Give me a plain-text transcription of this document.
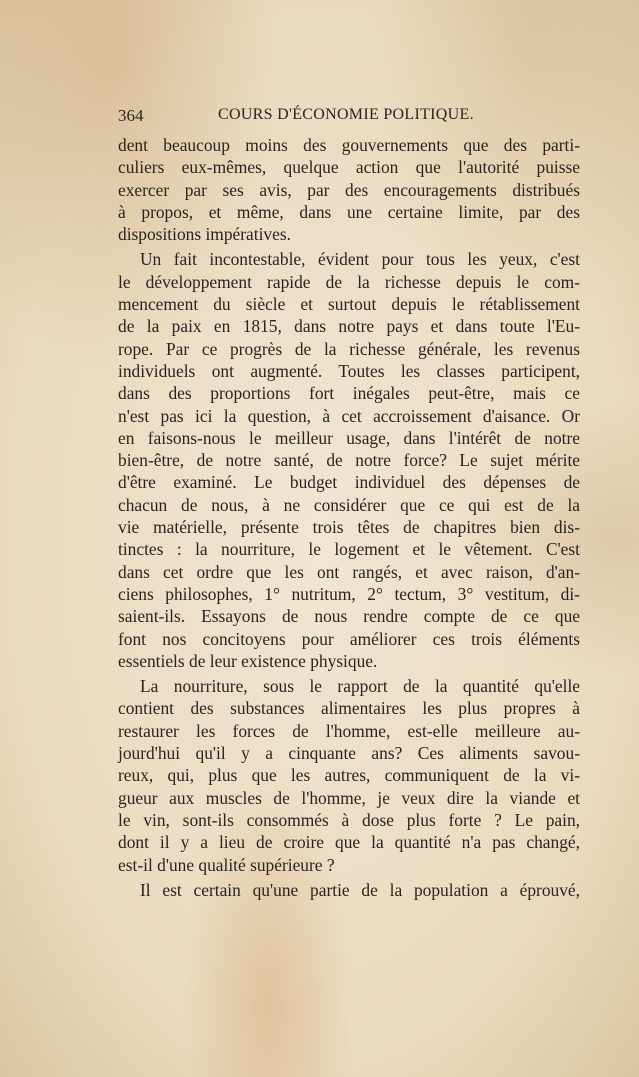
364	COURS D'ÉCONOMIE POLITIQUE.
dent beaucoup moins des gouvernements que des parti-
culiers eux-mêmes, quelque action que l'autorité puisse
exercer par ses avis, par des encouragements distribués
à propos, et même, dans une certaine limite, par des
dispositions impératives.
Un fait incontestable, évident pour tous les yeux, c'est
le développement rapide de la richesse depuis le com-
mencement du siècle et surtout depuis le rétablissement
de la paix en 1815, dans notre pays et dans toute l'Eu-
rope. Par ce progrès de la richesse générale, les revenus
individuels ont augmenté. Toutes les classes participent,
dans des proportions fort inégales peut-être, mais ce
n'est pas ici la question, à cet accroissement d'aisance. Or
en faisons-nous le meilleur usage, dans l'intérêt de notre
bien-être, de notre santé, de notre force? Le sujet mérite
d'être examiné. Le budget individuel des dépenses de
chacun de nous, à ne considérer que ce qui est de la
vie matérielle, présente trois têtes de chapitres bien dis-
tinctes : la nourriture, le logement et le vêtement. C'est
dans cet ordre que les ont rangés, et avec raison, d'an-
ciens philosophes, 1° nutritum, 2° tectum, 3° vestitum, di-
saient-ils. Essayons de nous rendre compte de ce que
font nos concitoyens pour améliorer ces trois éléments
essentiels de leur existence physique.
La nourriture, sous le rapport de la quantité qu'elle
contient des substances alimentaires les plus propres à
restaurer les forces de l'homme, est-elle meilleure au-
jourd'hui qu'il y a cinquante ans? Ces aliments savou-
reux, qui, plus que les autres, communiquent de la vi-
gueur aux muscles de l'homme, je veux dire la viande et
le vin, sont-ils consommés à dose plus forte ? Le pain,
dont il y a lieu de croire que la quantité n'a pas changé,
est-il d'une qualité supérieure ?
Il est certain qu'une partie de la population a éprouvé,
